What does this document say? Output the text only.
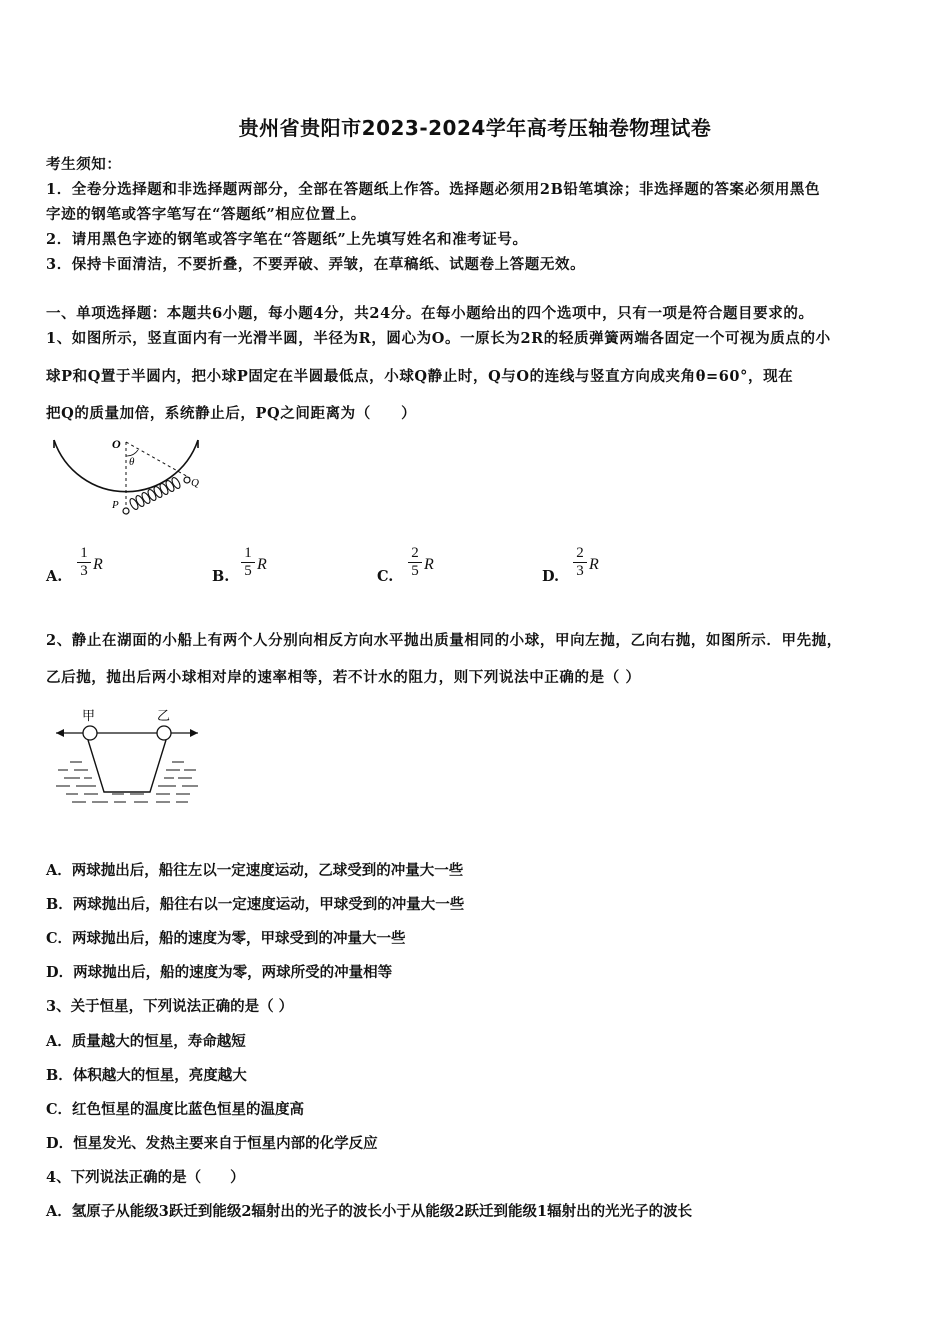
贵州省贵阳市2023-2024学年高考压轴卷物理试卷
考生须知：
1．全卷分选择题和非选择题两部分，全部在答题纸上作答。选择题必须用2B铅笔填涂；非选择题的答案必须用黑色
字迹的钢笔或答字笔写在“答题纸”相应位置上。
2．请用黑色字迹的钢笔或答字笔在“答题纸”上先填写姓名和准考证号。
3．保持卡面清洁，不要折叠，不要弄破、弄皱，在草稿纸、试题卷上答题无效。
一、单项选择题：本题共6小题，每小题4分，共24分。在每小题给出的四个选项中，只有一项是符合题目要求的。
1、如图所示，竖直面内有一光滑半圆，半径为R，圆心为O。一原长为2R的轻质弹簧两端各固定一个可视为质点的小
球P和Q置于半圆内，把小球P固定在半圆最低点，小球Q静止时，Q与O的连线与竖直方向成夹角θ=60°，现在
把Q的质量加倍，系统静止后，PQ之间距离为（　　）
O
θ
Q
P
A.
1
3 R
B.
1
5 R
C.
2
5 R
D.
2
3 R
2、静止在湖面的小船上有两个人分别向相反方向水平抛出质量相同的小球，甲向左抛，乙向右抛，如图所示．甲先抛，
乙后抛，抛出后两小球相对岸的速率相等，若不计水的阻力，则下列说法中正确的是（ ）
甲	乙
A．两球抛出后，船往左以一定速度运动，乙球受到的冲量大一些
B．两球抛出后，船往右以一定速度运动，甲球受到的冲量大一些
C．两球抛出后，船的速度为零，甲球受到的冲量大一些
D．两球抛出后，船的速度为零，两球所受的冲量相等
3、关于恒星，下列说法正确的是（ ）
A．质量越大的恒星，寿命越短
B．体积越大的恒星，亮度越大
C．红色恒星的温度比蓝色恒星的温度高
D．恒星发光、发热主要来自于恒星内部的化学反应
4、下列说法正确的是（　　）
A．氢原子从能级3跃迁到能级2辐射出的光子的波长小于从能级2跃迁到能级1辐射出的光光子的波长
